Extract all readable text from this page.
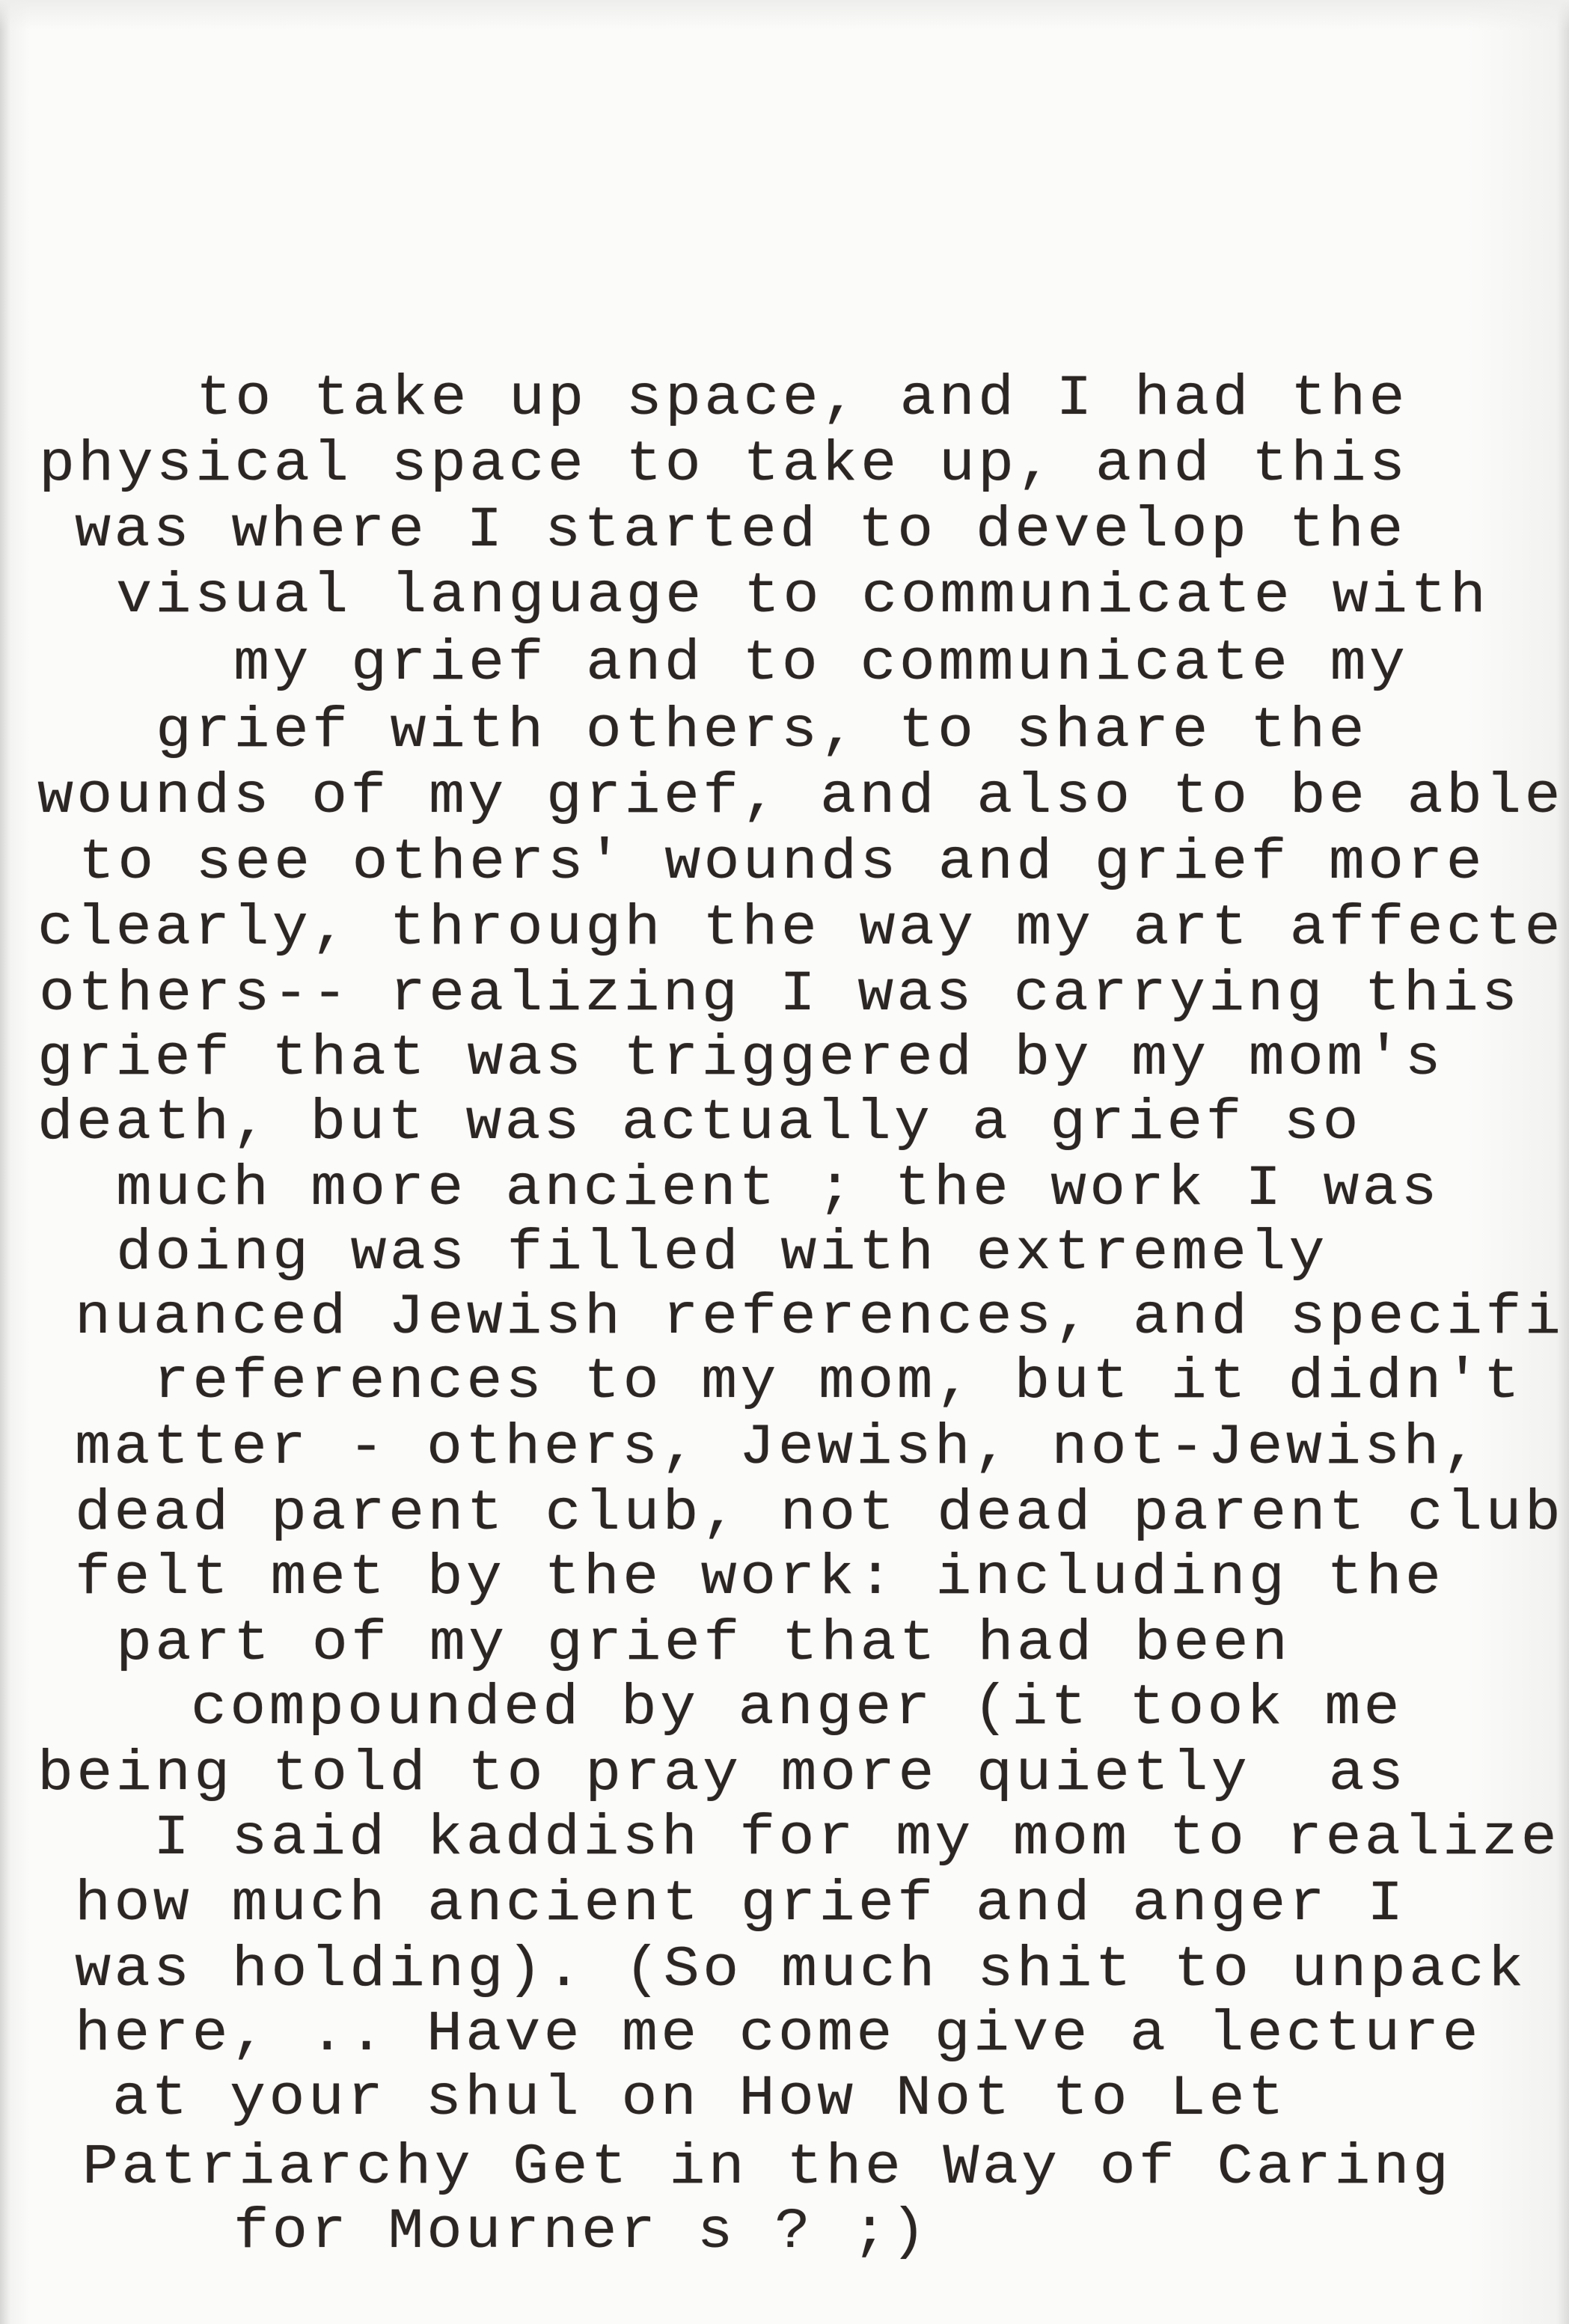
to take up space, and I had the
physical space to take up, and this
was where I started to develop the
visual language to communicate with
my grief and to communicate my
grief with others, to share the
wounds of my grief, and also to be able
to see others' wounds and grief more
clearly, through the way my art affecte
others-- realizing I was carrying this
grief that was triggered by my mom's
death, but was actually a grief so
much more ancient ; the work I was
doing was filled with extremely
nuanced Jewish references, and specifi
references to my mom, but it didn't
matter - others, Jewish, not-Jewish,
dead parent club, not dead parent club
felt met by the work: including the
part of my grief that had been
compounded by anger (it took me
being told to pray more quietly  as
I said kaddish for my mom to realize
how much ancient grief and anger I
was holding). (So much shit to unpack
here, .. Have me come give a lecture
at your shul on How Not to Let
Patriarchy Get in the Way of Caring
for Mourner s ? ;)
